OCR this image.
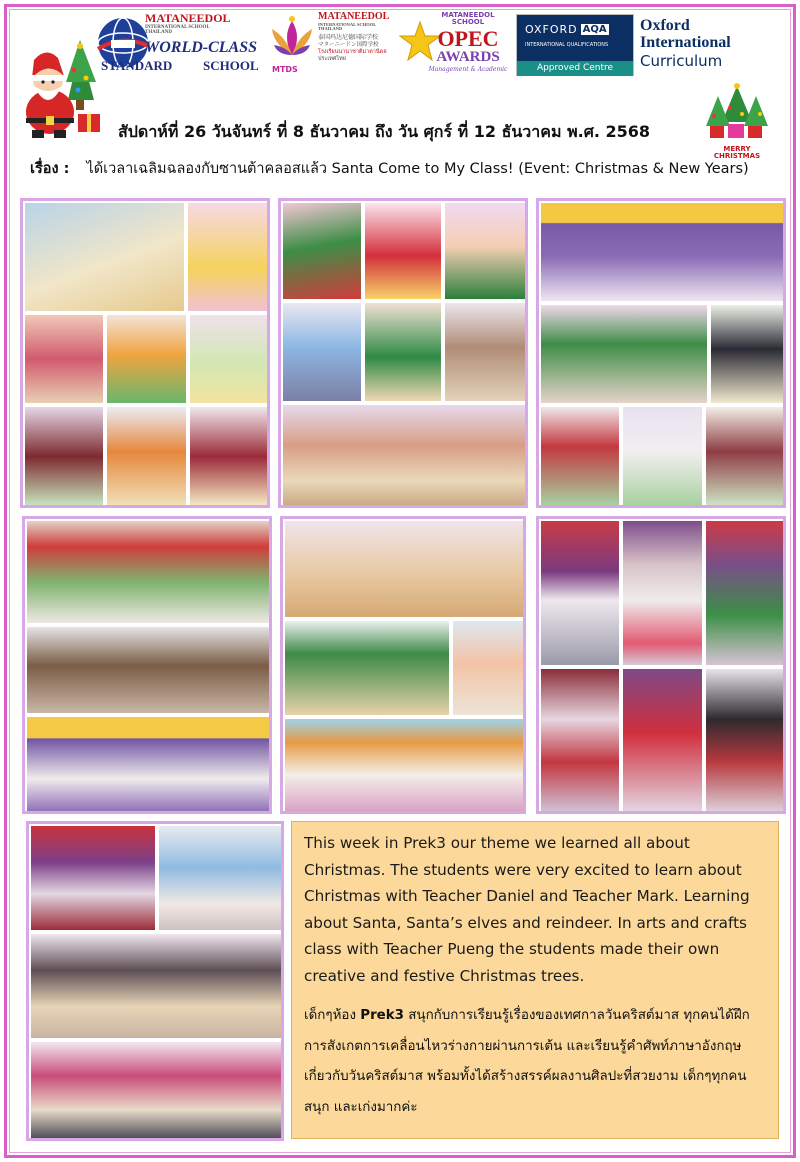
MATANEEDOL
INTERNATIONAL SCHOOL
THAILAND
WORLD-CLASS
STANDARD SCHOOL MTDS
MATANEEDOL
INTERNATIONAL SCHOOL
THAILAND
泰国玛达尼德国际学校
マターニードン国際学校
โรงเรียนนานาชาติมาตานีดล
ประเทศไทย
MATANEEDOL SCHOOL
OPEC
AWARDS
Management & Academic
OXFORD AQA
INTERNATIONAL QUALIFICATIONS
Approved Centre
Oxford
International
Curriculum
MERRY
CHRISTMAS
สัปดาห์ที่ 26 วันจันทร์ ที่ 8 ธันวาคม ถึง วัน ศุกร์ ที่ 12 ธันวาคม พ.ศ. 2568
เรื่อง : ได้เวลาเฉลิมฉลองกับซานต้าคลอสแล้ว Santa Come to My Class! (Event: Christmas & New Years)
This week in Prek3 our theme we learned all about Christmas. The students were very excited to learn about Christmas with Teacher Daniel and Teacher Mark. Learning about Santa, Santa’s elves and reindeer. In arts and crafts class with Teacher Pueng the students made their own creative and festive Christmas trees.
เด็กๆห้อง Prek3 สนุกกับการเรียนรู้เรื่องของเทศกาลวันคริสต์มาส ทุกคนได้ฝึกการสังเกตการเคลื่อนไหวร่างกายผ่านการเต้น และเรียนรู้คำศัพท์ภาษาอังกฤษเกี่ยวกับวันคริสต์มาส พร้อมทั้งได้สร้างสรรค์ผลงานศิลปะที่สวยงาม เด็กๆทุกคนสนุก และเก่งมากค่ะ
